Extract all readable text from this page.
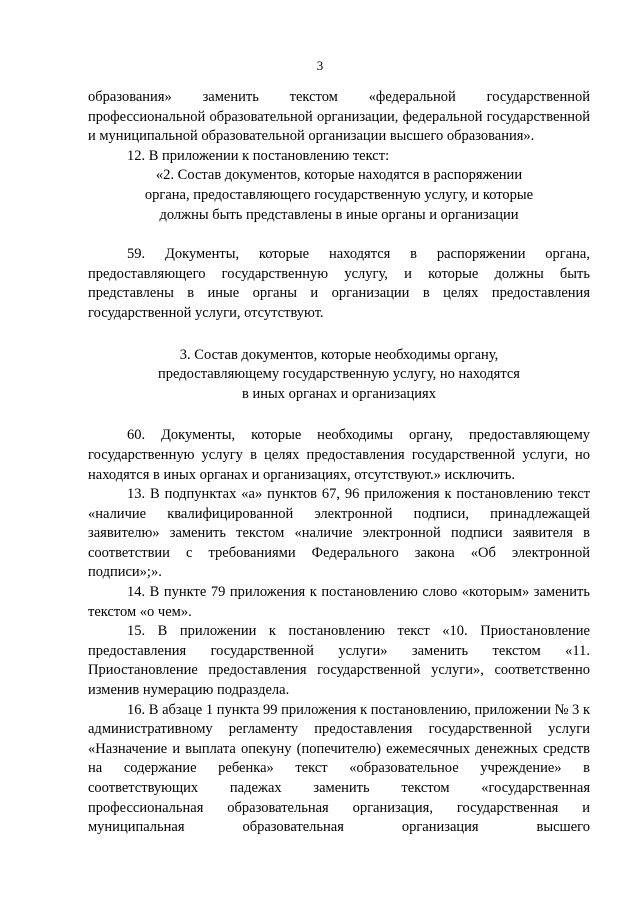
3

образования» заменить текстом «федеральной государственной профессиональной образовательной организации, федеральной государственной и муниципальной образовательной организации высшего образования».

12. В приложении к постановлению текст:

«2. Состав документов, которые находятся в распоряжении

органа, предоставляющего государственную услугу, и которые

должны быть представлены в иные органы и организации

59. Документы, которые находятся в распоряжении органа, предоставляющего государственную услугу, и которые должны быть представлены в иные органы и организации в целях предоставления государственной услуги, отсутствуют.

3. Состав документов, которые необходимы органу,

предоставляющему государственную услугу, но находятся

в иных органах и организациях

60. Документы, которые необходимы органу, предоставляющему государственную услугу в целях предоставления государственной услуги, но находятся в иных органах и организациях, отсутствуют.» исключить.

13. В подпунктах «а» пунктов 67, 96 приложения к постановлению текст «наличие квалифицированной электронной подписи, принадлежащей заявителю» заменить текстом «наличие электронной подписи заявителя в соответствии с требованиями Федерального закона «Об электронной подписи»;».

14. В пункте 79 приложения к постановлению слово «которым» заменить текстом «о чем».

15. В приложении к постановлению текст «10. Приостановление предоставления государственной услуги» заменить текстом «11. Приостановление предоставления государственной услуги», соответственно изменив нумерацию подраздела.

16. В абзаце 1 пункта 99 приложения к постановлению, приложении № 3 к административному регламенту предоставления государственной услуги «Назначение и выплата опекуну (попечителю) ежемесячных денежных средств на содержание ребенка» текст «образовательное учреждение» в соответствующих падежах заменить текстом «государственная профессиональная образовательная организация, государственная и муниципальная образовательная организация высшего
